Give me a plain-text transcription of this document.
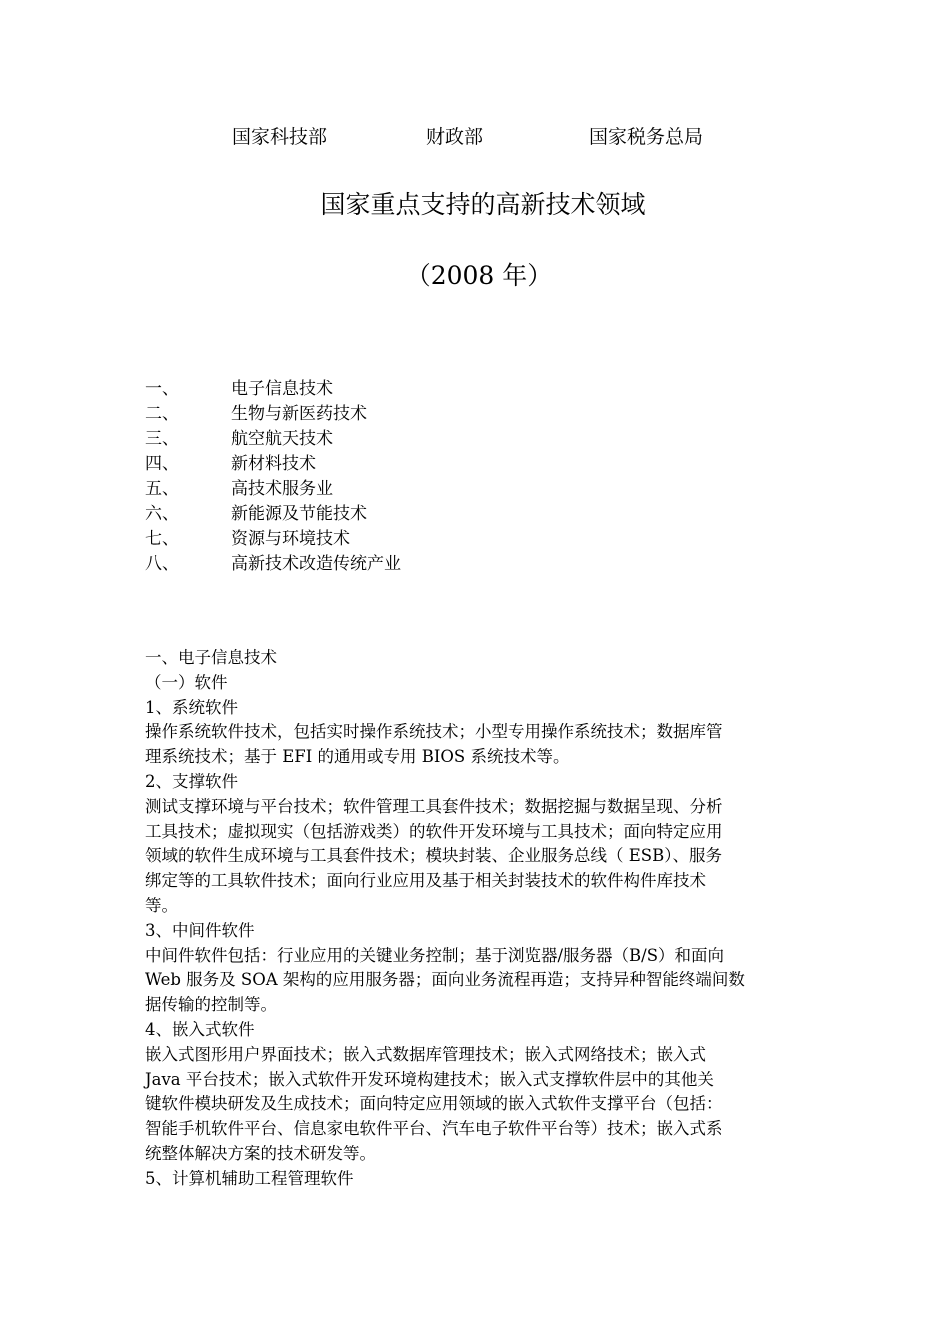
国家科技部	财政部	国家税务总局
国家重点支持的高新技术领域
（2008 年）
一、	电子信息技术
二、	生物与新医药技术
三、	航空航天技术
四、	新材料技术
五、	高技术服务业
六、	新能源及节能技术
七、	资源与环境技术
八、	高新技术改造传统产业
一、电子信息技术
（一）软件
1、系统软件
操作系统软件技术，包括实时操作系统技术；小型专用操作系统技术；数据库管
理系统技术；基于 EFI 的通用或专用 BIOS 系统技术等。
2、支撑软件
测试支撑环境与平台技术；软件管理工具套件技术；数据挖掘与数据呈现、分析
工具技术；虚拟现实（包括游戏类）的软件开发环境与工具技术；面向特定应用
领域的软件生成环境与工具套件技术；模块封装、企业服务总线（ ESB）、服务
绑定等的工具软件技术；面向行业应用及基于相关封装技术的软件构件库技术
等。
3、中间件软件
中间件软件包括：行业应用的关键业务控制；基于浏览器/服务器（B/S）和面向
Web 服务及 SOA 架构的应用服务器；面向业务流程再造；支持异种智能终端间数
据传输的控制等。
4、嵌入式软件
嵌入式图形用户界面技术；嵌入式数据库管理技术；嵌入式网络技术；嵌入式
Java 平台技术；嵌入式软件开发环境构建技术；嵌入式支撑软件层中的其他关
键软件模块研发及生成技术；面向特定应用领域的嵌入式软件支撑平台（包括：
智能手机软件平台、信息家电软件平台、汽车电子软件平台等）技术；嵌入式系
统整体解决方案的技术研发等。
5、计算机辅助工程管理软件
